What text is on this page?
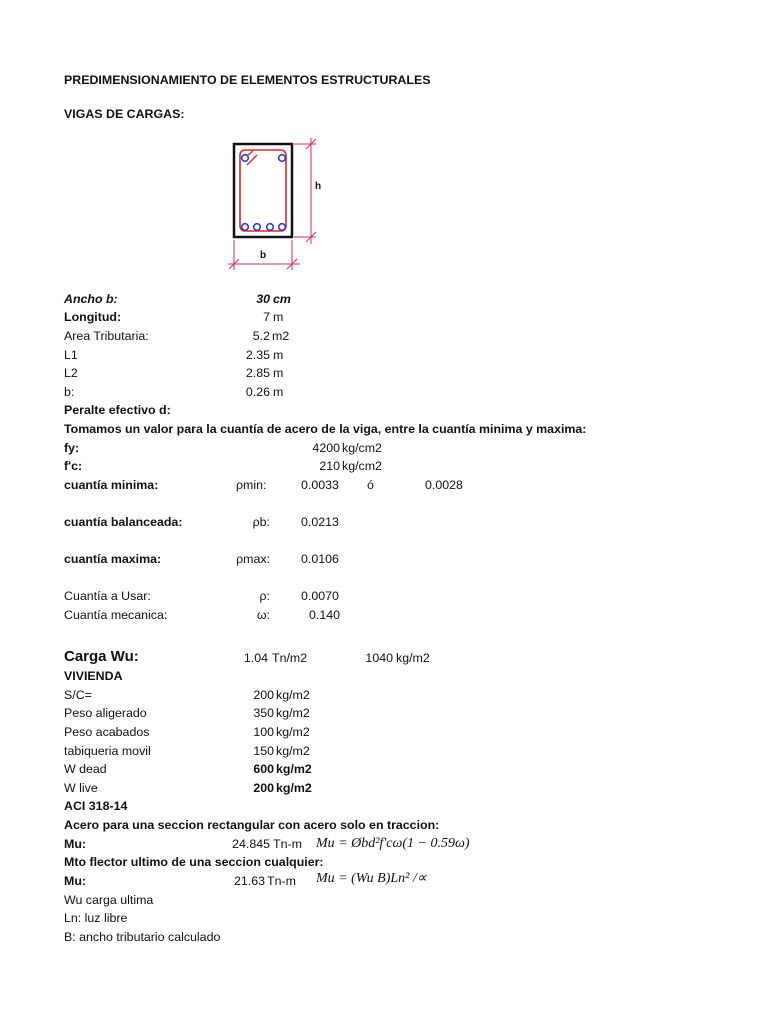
PREDIMENSIONAMIENTO DE ELEMENTOS ESTRUCTURALES
VIGAS DE CARGAS:
h
b
Ancho b:	30 cm
Longitud:	7 m
Area Tributaria:	5.2 m2
L1	2.35 m
L2	2.85 m
b:	0.26 m
Peralte efectivo d:
Tomamos un valor para la cuantía de acero de la viga, entre la cuantía minima y maxima:
fy:	4200 kg/cm2
f'c:	210 kg/cm2
cuantía minima:	ρmin:	0.0033 ó	0.0028
cuantía balanceada:	ρb:	0.0213
cuantía maxima:	ρmax:	0.0106
Cuantía a Usar:	ρ:	0.0070
Cuantía mecanica:	ω:	0.140
Carga Wu:	1.04 Tn/m2	1040 kg/m2
VIVIENDA
S/C=	200 kg/m2
Peso aligerado	350 kg/m2
Peso acabados	100 kg/m2
tabiqueria movil	150 kg/m2
W dead	600 kg/m2
W live	200 kg/m2
ACI 318-14
Acero para una seccion rectangular con acero solo en traccion:
Mu:	24.845 Tn-m Mu = Øbd²f'cω(1 − 0.59ω)
Mto flector ultimo de una seccion cualquier:
Mu:	21.63 Tn-m Mu = (Wu B)Ln² /∝
Wu carga ultima
Ln: luz libre
B: ancho tributario calculado
